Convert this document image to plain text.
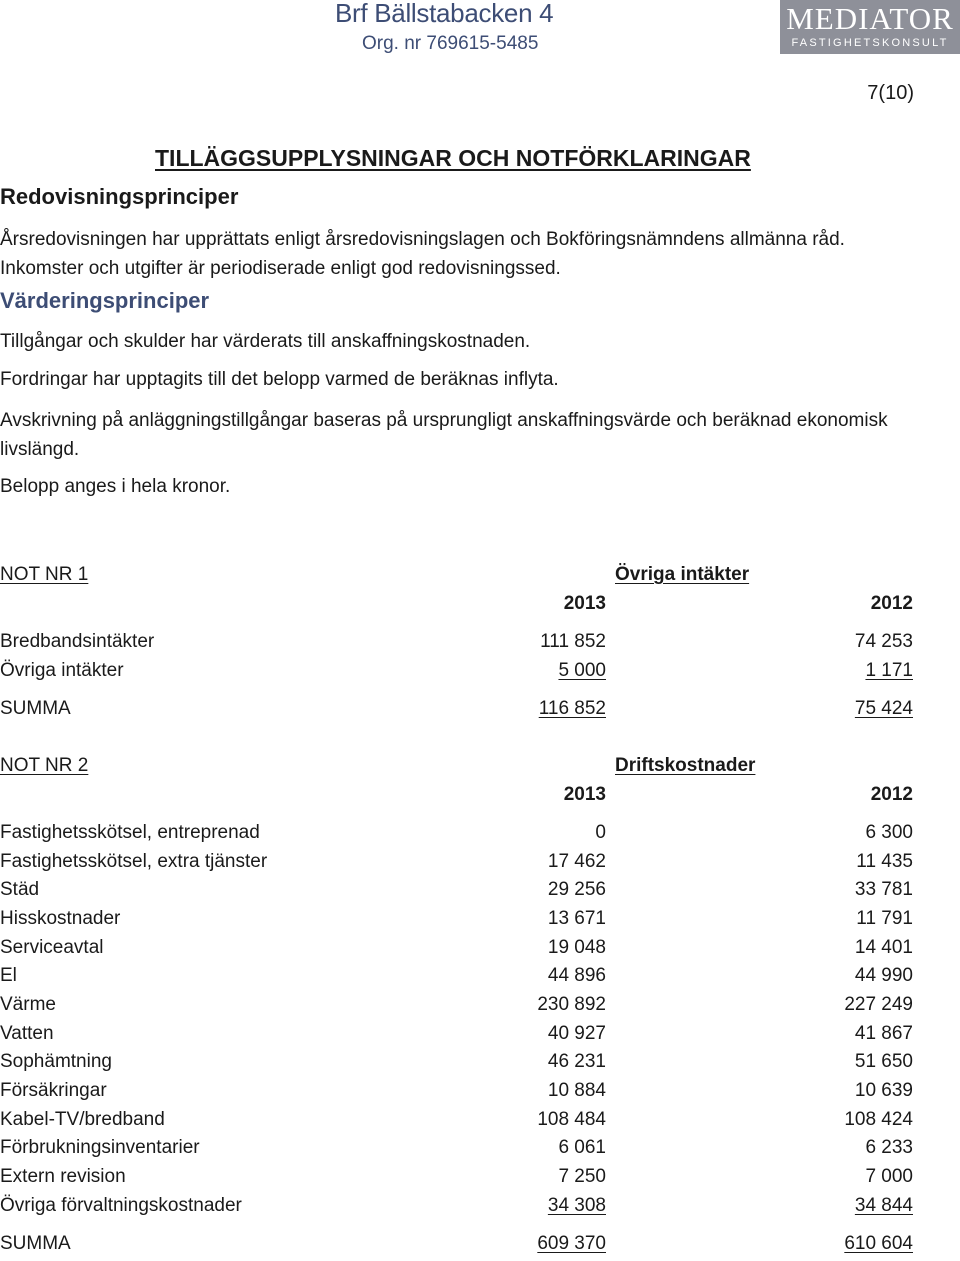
Brf Bällstabacken 4
Org. nr 769615-5485
MEDIATOR
FASTIGHETSKONSULT
7(10)
TILLÄGGSUPPLYSNINGAR OCH NOTFÖRKLARINGAR
Redovisningsprinciper
Årsredovisningen har upprättats enligt årsredovisningslagen och Bokföringsnämndens allmänna råd. Inkomster och utgifter är periodiserade enligt god redovisningssed.
Värderingsprinciper
Tillgångar och skulder har värderats till anskaffningskostnaden.
Fordringar har upptagits till det belopp varmed de beräknas inflyta.
Avskrivning på anläggningstillgångar baseras på ursprungligt anskaffningsvärde och beräknad ekonomisk livslängd.
Belopp anges i hela kronor.
NOT NR 1	Övriga intäkter
2013	2012
Bredbandsintäkter	111 852	74 253
Övriga intäkter	5 000	1 171
SUMMA	116 852	75 424
NOT NR 2	Driftskostnader
2013	2012
Fastighetsskötsel, entreprenad	0	6 300
Fastighetsskötsel, extra tjänster	17 462	11 435
Städ	29 256	33 781
Hisskostnader	13 671	11 791
Serviceavtal	19 048	14 401
El	44 896	44 990
Värme	230 892	227 249
Vatten	40 927	41 867
Sophämtning	46 231	51 650
Försäkringar	10 884	10 639
Kabel-TV/bredband	108 484	108 424
Förbrukningsinventarier	6 061	6 233
Extern revision	7 250	7 000
Övriga förvaltningskostnader	34 308	34 844
SUMMA	609 370	610 604
